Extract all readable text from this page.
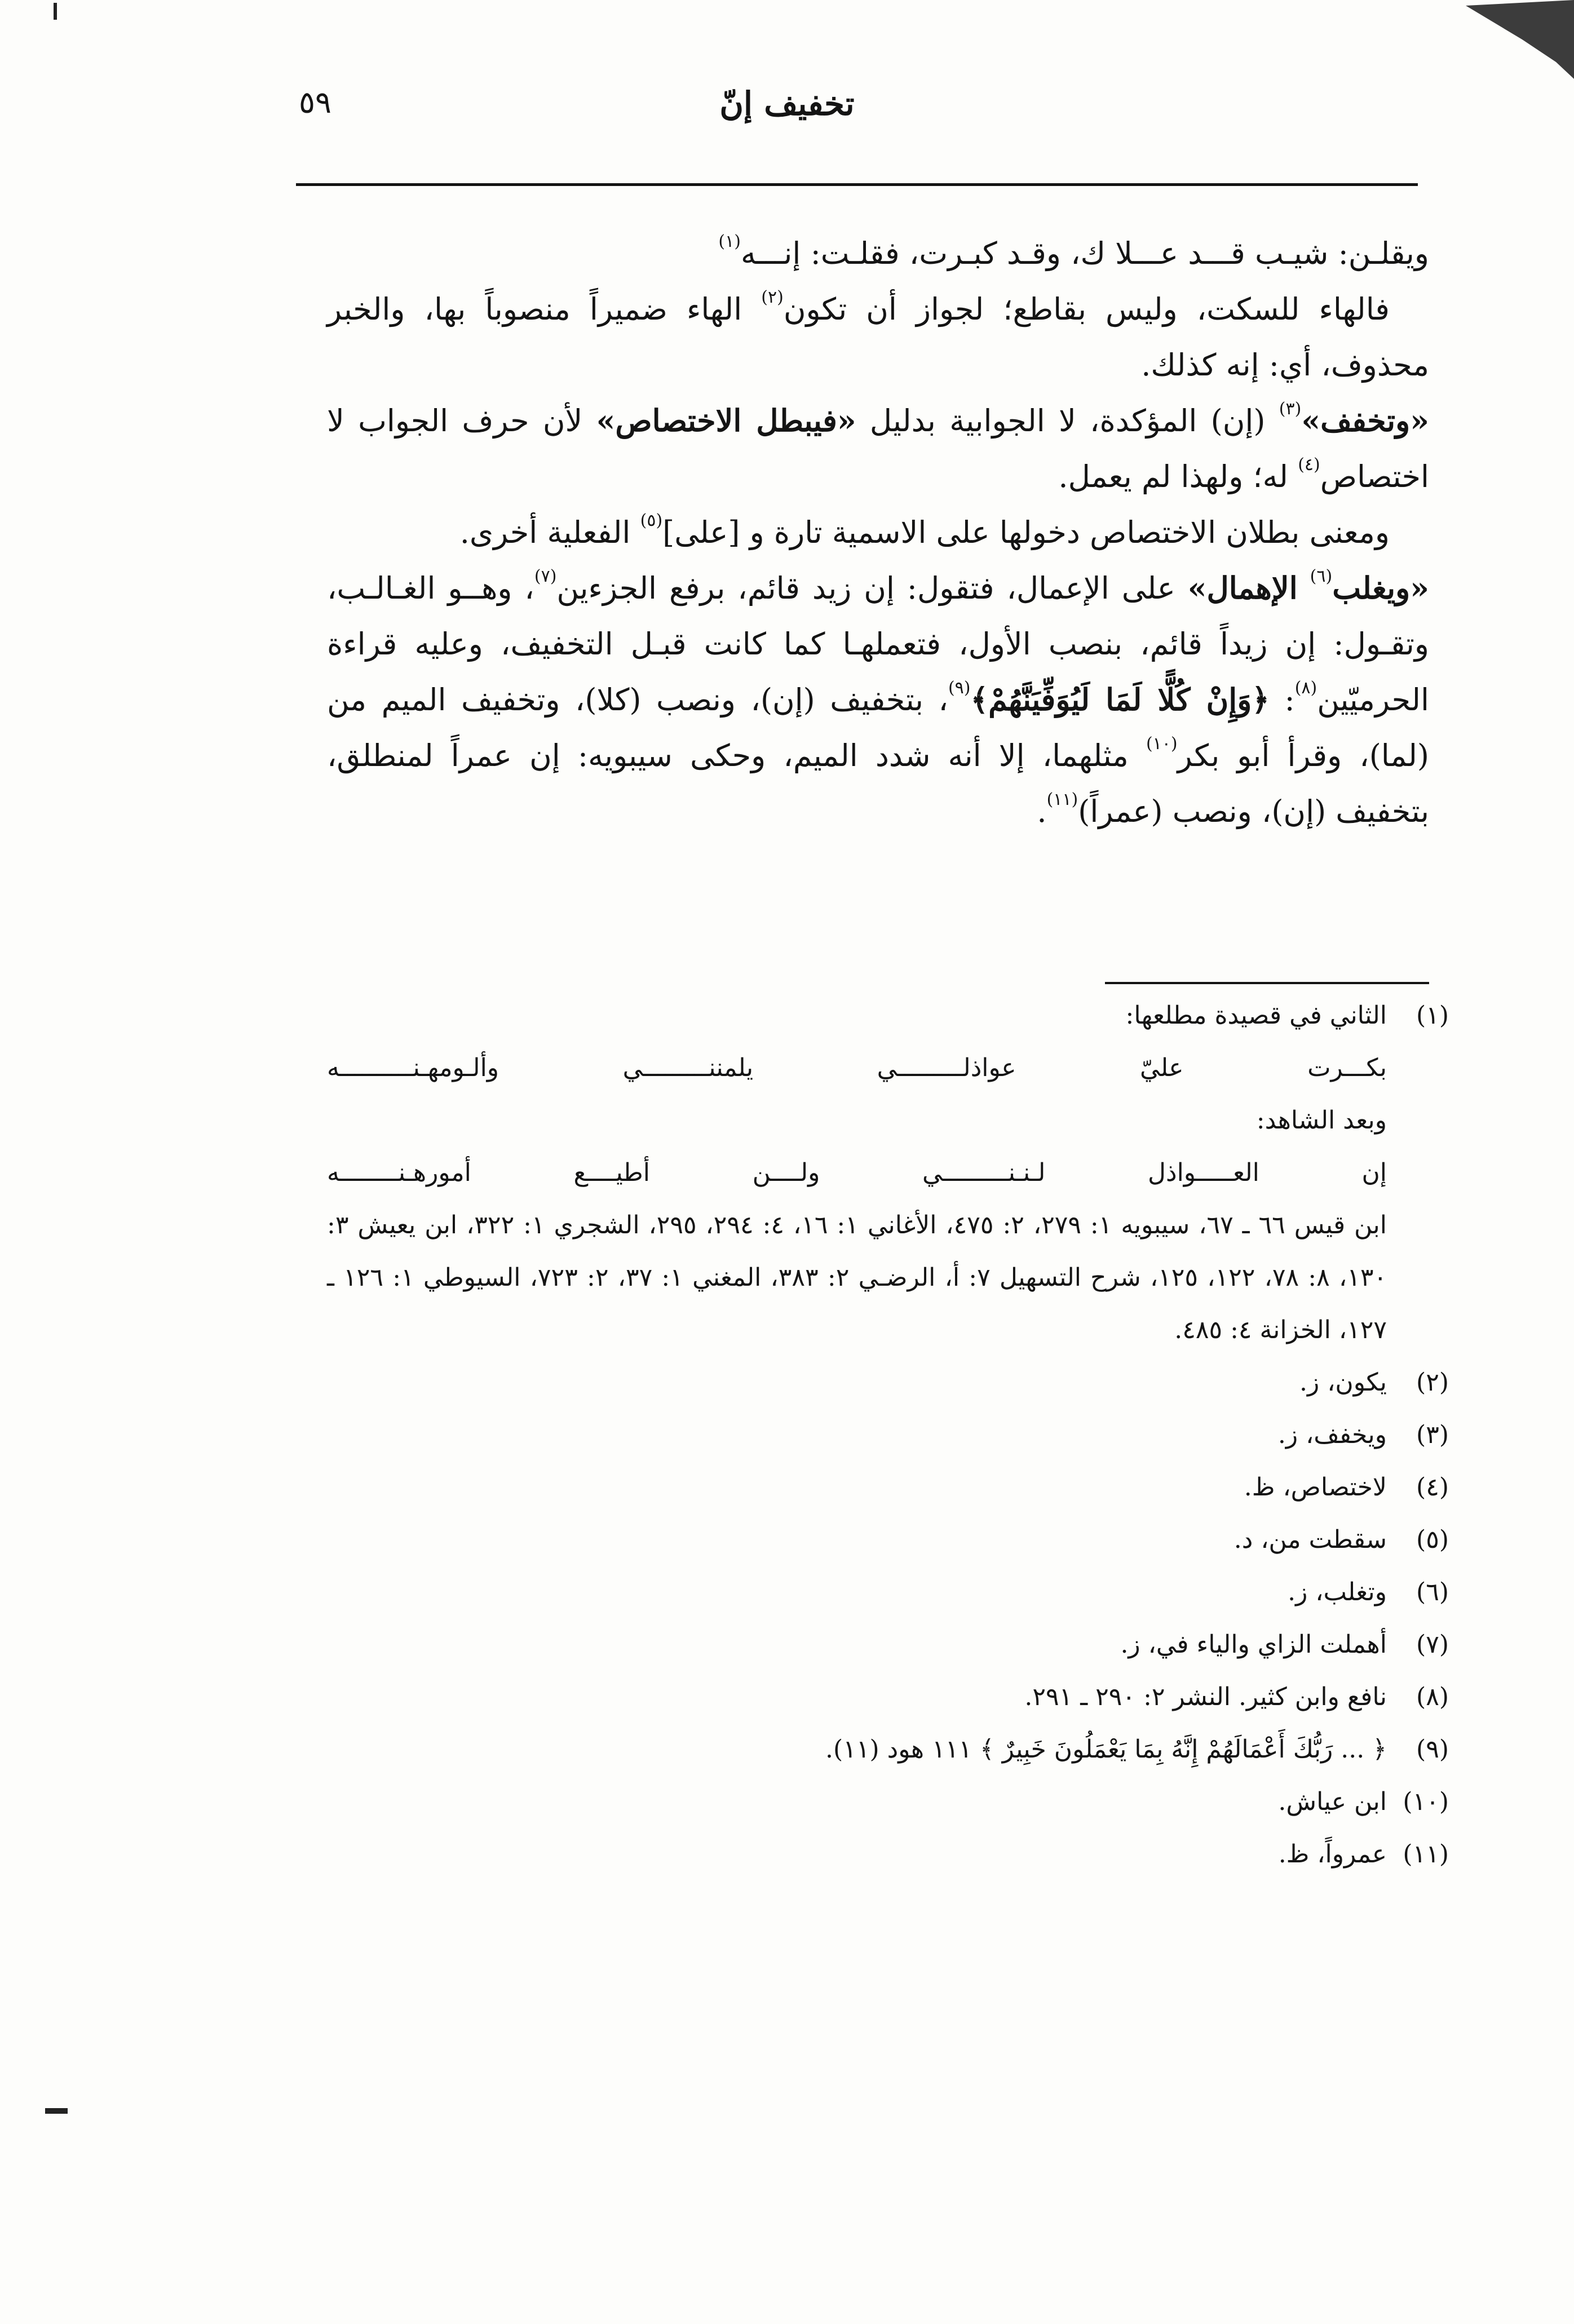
تخفيف إنّ
٥٩

ويقلـن: شيـب قـــد عـــلا ك، وقـد كبـرت، فقلـت: إنـــه$^{(١)}$

فالهاء للسكت، وليس بقاطع؛ لجواز أن تكون$^{(٢)}$ الهاء ضميراً منصوباً بها، والخبر محذوف، أي: إنه كذلك.

«وتخفف»$^{(٣)}$ (إن) المؤكدة، لا الجوابية بدليل «فيبطل الاختصاص» لأن حرف الجواب لا اختصاص$^{(٤)}$ له؛ ولهذا لم يعمل.

ومعنى بطلان الاختصاص دخولها على الاسمية تارة و [على]$^{(٥)}$ الفعلية أخرى.

«ويغلب$^{(٦)}$ الإهمال» على الإعمال، فتقول: إن زيد قائم، برفع الجزءين$^{(٧)}$، وهــو الغـالـب، وتقـول: إن زيداً قائم، بنصب الأول، فتعملهـا كما كانت قبـل التخفيف، وعليه قراءة الحرميّين$^{(٨)}$: ﴿وَإِنْ كُلًّا لَمَا لَيُوَفِّيَنَّهُمْ﴾$^{(٩)}$، بتخفيف (إن)، ونصب (كلا)، وتخفيف الميم من (لما)، وقرأ أبو بكر$^{(١٠)}$ مثلهما، إلا أنه شدد الميم، وحكى سيبويه: إن عمراً لمنطلق، بتخفيف (إن)، ونصب (عمراً)$^{(١١)}$.

(١)
الثاني في قصيدة مطلعها:
بكـــرت
عليّ
عواذلـــــــــي
يلمننـــــــــي
وألـومهـنــــــــــه
وبعد الشاهد:
إن
العـــــواذل
لـنـنـــــــــي
ولــــن
أطيــــع
أمورهـنــــــــه
ابن قيس ٦٦ ـ ٦٧، سيبويه ١: ٢٧٩، ٢: ٤٧٥، الأغاني ١: ١٦، ٤: ٢٩٤، ٢٩٥، الشجري ١: ٣٢٢، ابن يعيش ٣: ١٣٠، ٨: ٧٨، ١٢٢، ١٢٥، شرح التسهيل ٧: أ، الرضـي ٢: ٣٨٣، المغني ١: ٣٧، ٢: ٧٢٣، السيوطي ١: ١٢٦ ـ ١٢٧، الخزانة ٤: ٤٨٥.
(٢)
يكون، ز.
(٣)
ويخفف، ز.
(٤)
لاختصاص، ظ.
(٥)
سقطت من، د.
(٦)
وتغلب، ز.
(٧)
أهملت الزاي والياء في، ز.
(٨)
نافع وابن كثير. النشر ٢: ٢٩٠ ـ ٢٩١.
(٩)
﴿ ... رَبُّكَ أَعْمَالَهُمْ إِنَّهُ بِمَا يَعْمَلُونَ خَبِيرٌ ﴾ ١١١ هود (١١).
(١٠)
ابن عياش.
(١١)
عمرواً، ظ.
